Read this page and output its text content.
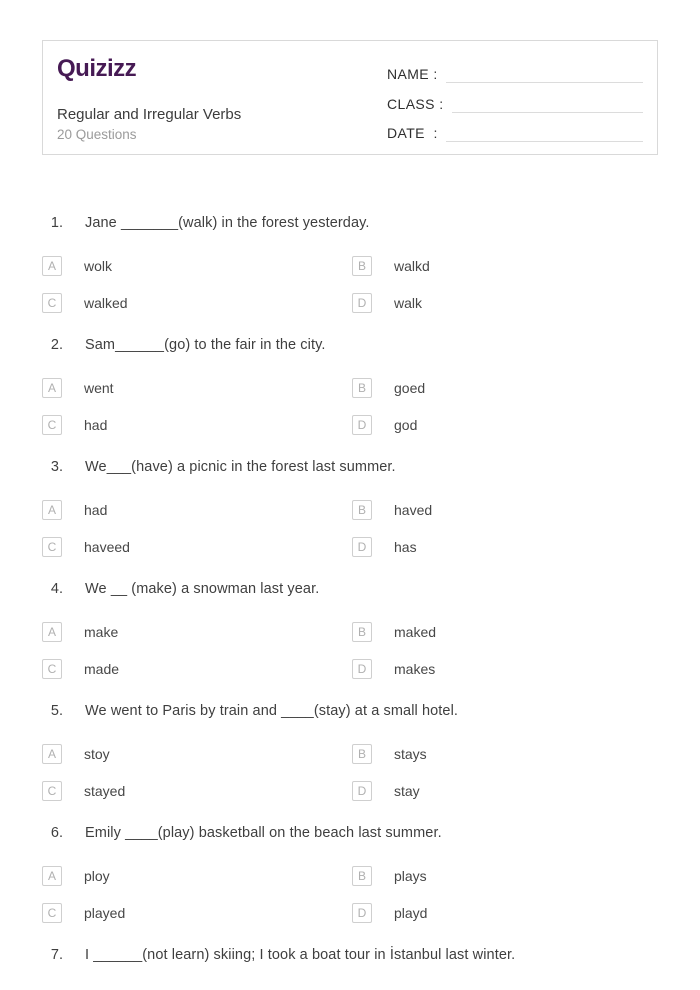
Quizizz
Regular and Irregular Verbs
20 Questions
NAME :
CLASS :
DATE  :
1. Jane _______(walk) in the forest yesterday.
A	wolk	B	walkd
C	walked	D	walk
2. Sam______(go) to the fair in the city.
A	went	B	goed
C	had	D	god
3. We___(have) a picnic in the forest last summer.
A	had	B	haved
C	haveed	D	has
4. We __ (make) a snowman last year.
A	make	B	maked
C	made	D	makes
5. We went to Paris by train and ____(stay) at a small hotel.
A	stoy	B	stays
C	stayed	D	stay
6. Emily ____(play) basketball on the beach last summer.
A	ploy	B	plays
C	played	D	playd
7. I ______(not learn) skiing; I took a boat tour in İstanbul last winter.
